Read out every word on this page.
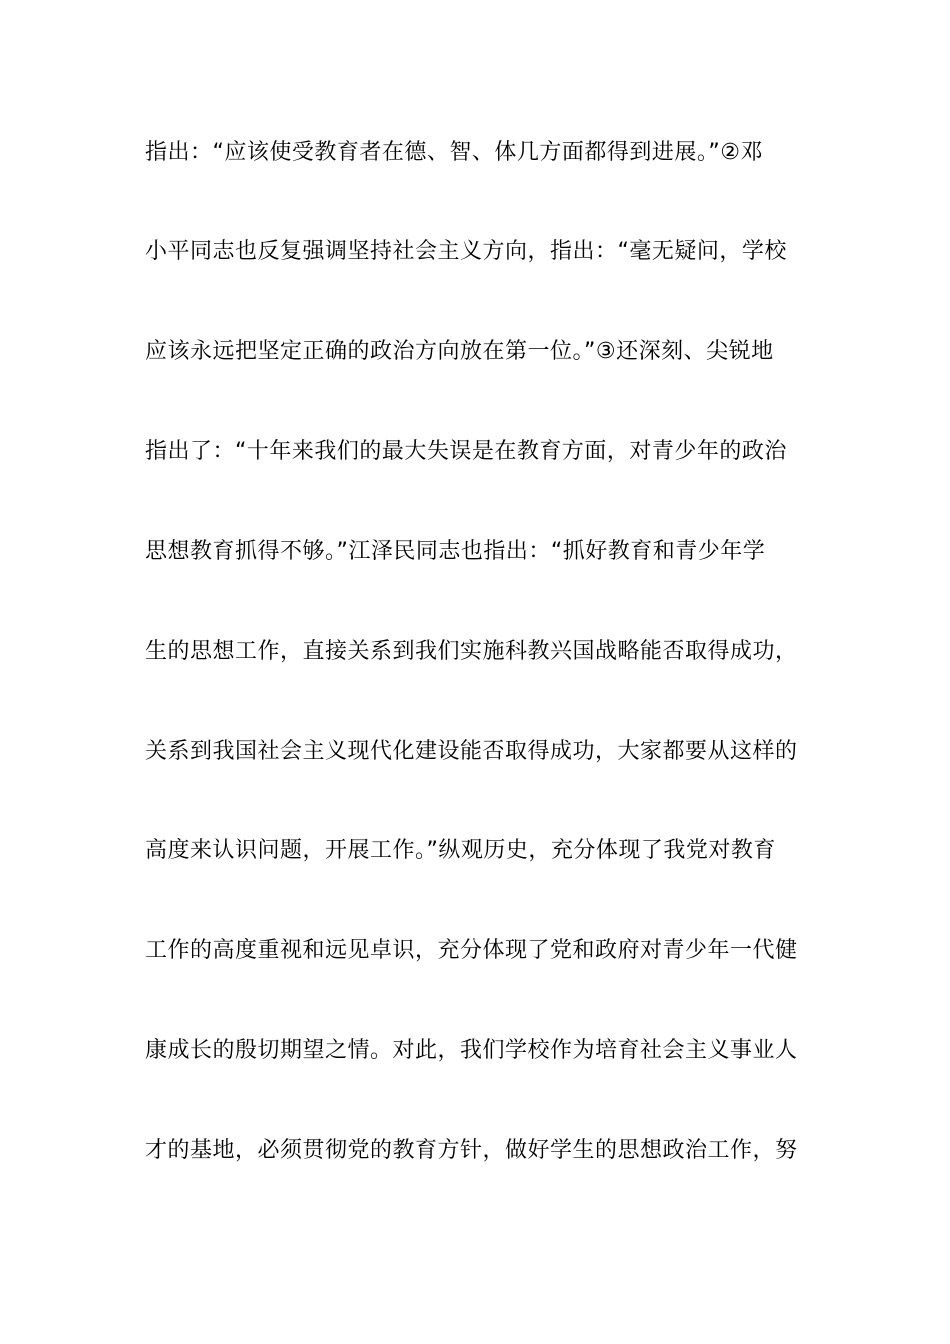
指出：“应该使受教育者在德、智、体几方面都得到进展。”②邓
小平同志也反复强调坚持社会主义方向，指出：“毫无疑问，学校
应该永远把坚定正确的政治方向放在第一位。”③还深刻、尖锐地
指出了：“十年来我们的最大失误是在教育方面，对青少年的政治
思想教育抓得不够。”江泽民同志也指出：“抓好教育和青少年学
生的思想工作，直接关系到我们实施科教兴国战略能否取得成功，
关系到我国社会主义现代化建设能否取得成功，大家都要从这样的
高度来认识问题，开展工作。”纵观历史，充分体现了我党对教育
工作的高度重视和远见卓识，充分体现了党和政府对青少年一代健
康成长的殷切期望之情。对此，我们学校作为培育社会主义事业人
才的基地，必须贯彻党的教育方针，做好学生的思想政治工作，努
